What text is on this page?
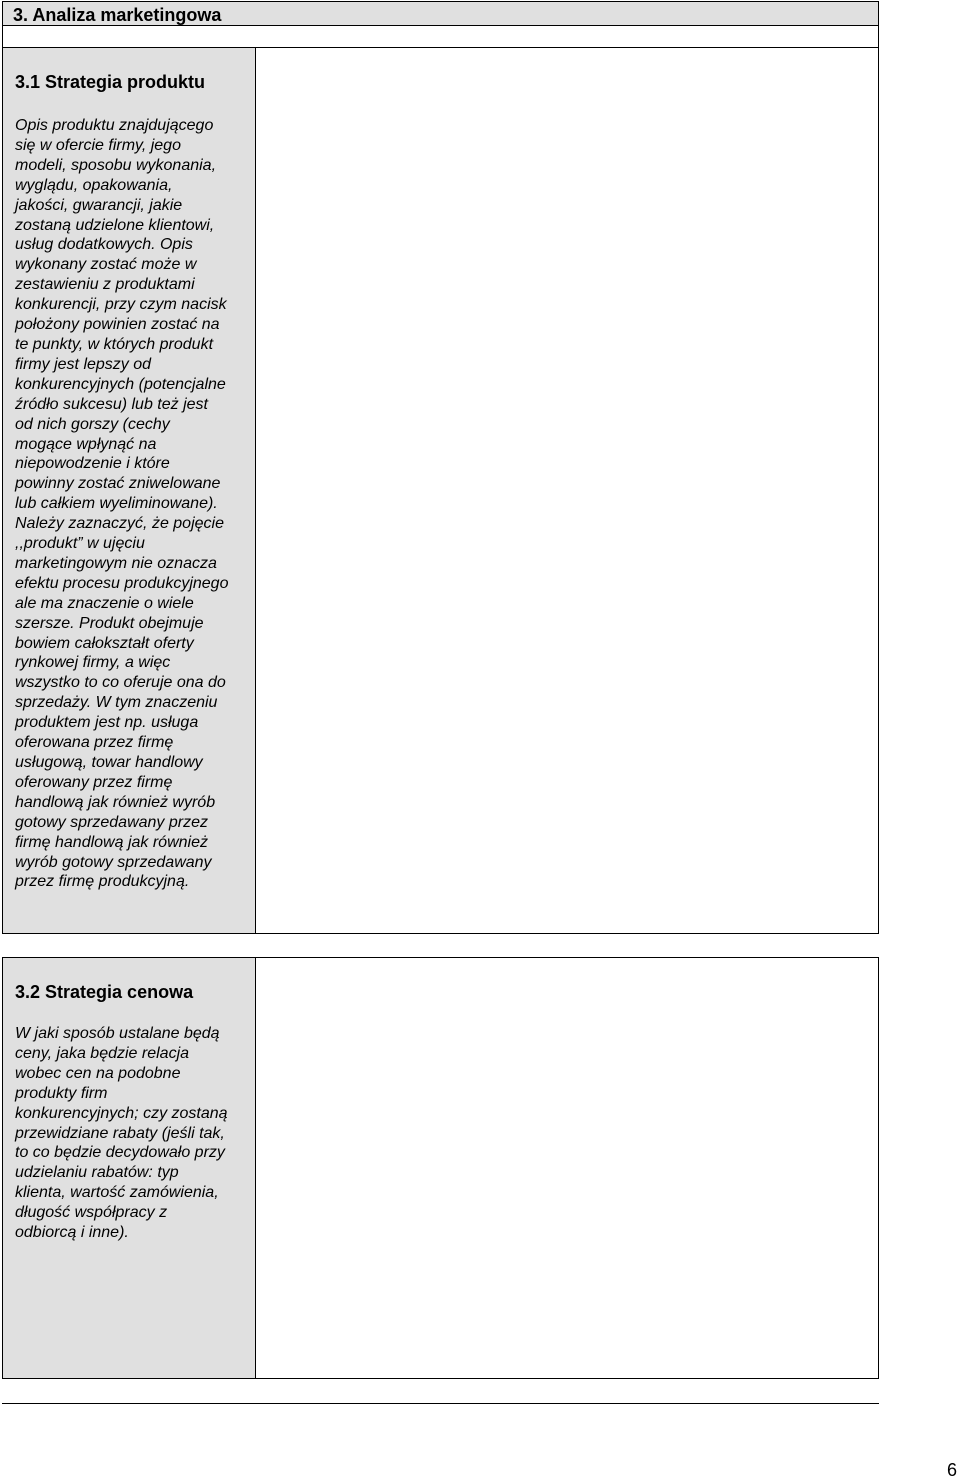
3. Analiza marketingowa
3.1 Strategia produktu
Opis produktu znajdującego
się w ofercie firmy, jego
modeli, sposobu wykonania,
wyglądu, opakowania,
jakości, gwarancji, jakie
zostaną udzielone klientowi,
usług dodatkowych. Opis
wykonany zostać może w
zestawieniu z produktami
konkurencji, przy czym nacisk
położony powinien zostać na
te punkty, w których produkt
firmy jest lepszy od
konkurencyjnych (potencjalne
źródło sukcesu) lub też jest
od nich gorszy (cechy
mogące wpłynąć na
niepowodzenie i które
powinny zostać zniwelowane
lub całkiem wyeliminowane).
Należy zaznaczyć, że pojęcie
,,produkt” w ujęciu
marketingowym nie oznacza
efektu procesu produkcyjnego
ale ma znaczenie o wiele
szersze. Produkt obejmuje
bowiem całokształt oferty
rynkowej firmy, a więc
wszystko to co oferuje ona do
sprzedaży. W tym znaczeniu
produktem jest np. usługa
oferowana przez firmę
usługową, towar handlowy
oferowany przez firmę
handlową jak również wyrób
gotowy sprzedawany przez
firmę handlową jak również
wyrób gotowy sprzedawany
przez firmę produkcyjną.
3.2 Strategia cenowa
W jaki sposób ustalane będą
ceny, jaka będzie relacja
wobec cen na podobne
produkty firm
konkurencyjnych; czy zostaną
przewidziane rabaty (jeśli tak,
to co będzie decydowało przy
udzielaniu rabatów: typ
klienta, wartość zamówienia,
długość współpracy z
odbiorcą i inne).
6
